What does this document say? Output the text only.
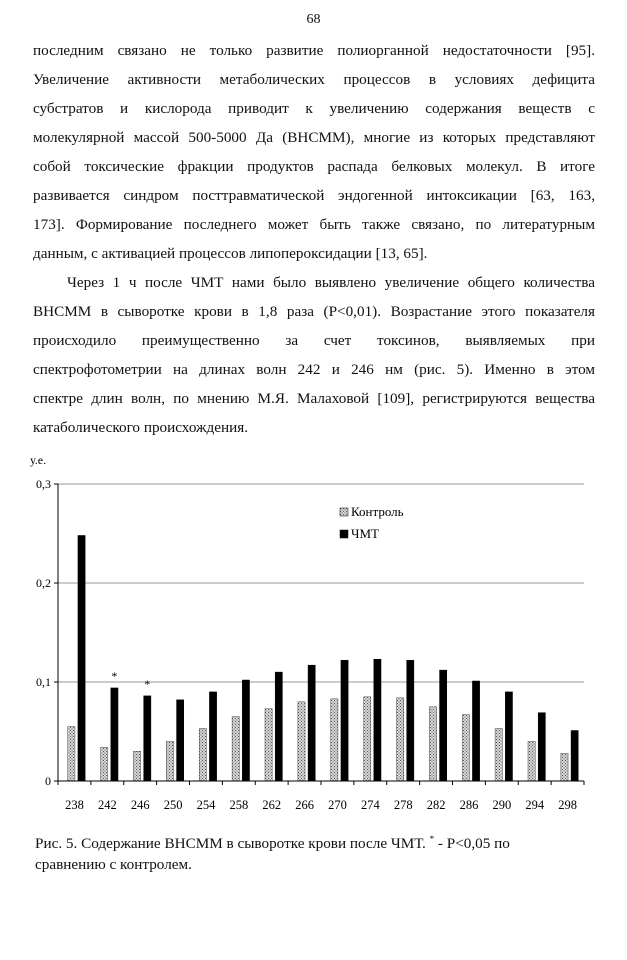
68
последним связано не только развитие полиорганной недостаточности [95].
Увеличение активности метаболических процессов в условиях дефицита
субстратов и кислорода приводит к увеличению содержания веществ с
молекулярной массой 500-5000 Да (ВНСММ), многие из которых представляют
собой токсические фракции продуктов распада белковых молекул. В итоге
развивается синдром посттравматической эндогенной интоксикации [63, 163,
173]. Формирование последнего может быть также связано, по литературным
данным, с активацией процессов липопероксидации [13, 65].
Через 1 ч после ЧМТ нами было выявлено увеличение общего количества
ВНСММ в сыворотке крови в 1,8 раза (Р<0,01). Возрастание этого показателя
происходило преимущественно за счет токсинов, выявляемых при
спектрофотометрии на длинах волн 242 и 246 нм (рис. 5). Именно в этом
спектре длин волн, по мнению М.Я. Малаховой [109], регистрируются вещества
катаболического происхождения.
0
0,1
0,2
0,3
у.е.
238 242 246 250 254 258 262 266 270 274 278 282 286 290 294 298
*
*
Контроль
ЧМТ
Рис. 5. Содержание ВНСММ в сыворотке крови после ЧМТ. * - Р<0,05 по
сравнению с контролем.
